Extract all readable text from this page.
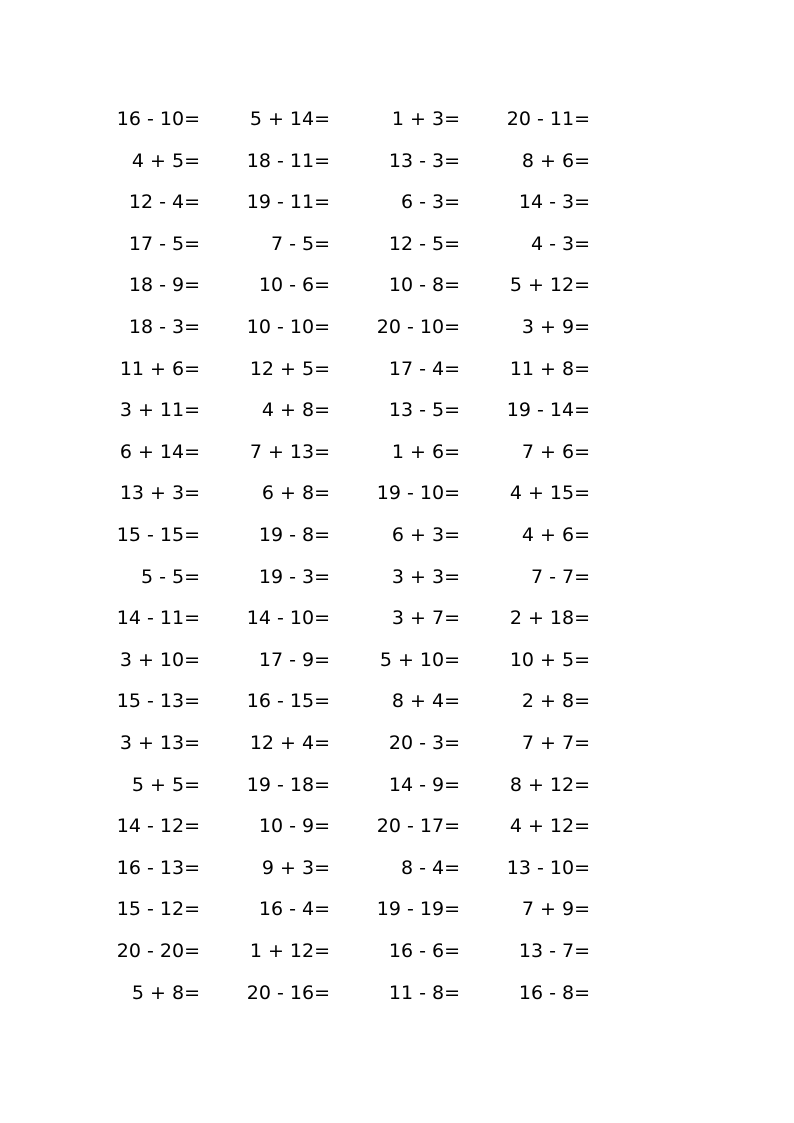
16 - 10=	5 + 14=	1 + 3=	20 - 11=
4 + 5=	18 - 11=	13 - 3=	8 + 6=
12 - 4=	19 - 11=	6 - 3=	14 - 3=
17 - 5=	7 - 5=	12 - 5=	4 - 3=
18 - 9=	10 - 6=	10 - 8=	5 + 12=
18 - 3=	10 - 10=	20 - 10=	3 + 9=
11 + 6=	12 + 5=	17 - 4=	11 + 8=
3 + 11=	4 + 8=	13 - 5=	19 - 14=
6 + 14=	7 + 13=	1 + 6=	7 + 6=
13 + 3=	6 + 8=	19 - 10=	4 + 15=
15 - 15=	19 - 8=	6 + 3=	4 + 6=
5 - 5=	19 - 3=	3 + 3=	7 - 7=
14 - 11=	14 - 10=	3 + 7=	2 + 18=
3 + 10=	17 - 9=	5 + 10=	10 + 5=
15 - 13=	16 - 15=	8 + 4=	2 + 8=
3 + 13=	12 + 4=	20 - 3=	7 + 7=
5 + 5=	19 - 18=	14 - 9=	8 + 12=
14 - 12=	10 - 9=	20 - 17=	4 + 12=
16 - 13=	9 + 3=	8 - 4=	13 - 10=
15 - 12=	16 - 4=	19 - 19=	7 + 9=
20 - 20=	1 + 12=	16 - 6=	13 - 7=
5 + 8=	20 - 16=	11 - 8=	16 - 8=
